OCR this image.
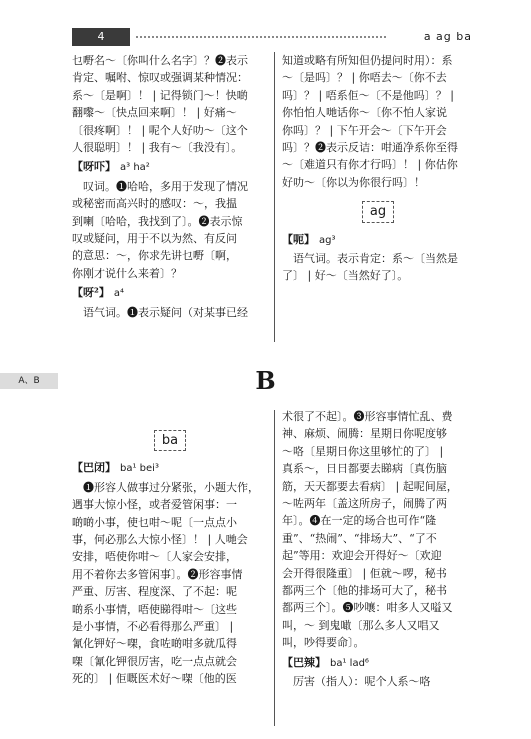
4	a ag ba

乜嘢名～〔你叫什么名字〕？❷表示

肯定、嘱咐、惊叹或强调某种情况：

系～〔是啊〕！ | 记得锁门～！快啲

翻嚟～〔快点回来啊〕！ | 好痛～

〔很疼啊〕！ | 呢个人好叻～〔这个

人很聪明〕！ | 我有～〔我没有〕。

【呀吓】 a³ ha²

叹词。❶哈哈，多用于发现了情况

或秘密而高兴时的感叹：～，我揾

到喇〔哈哈，我找到了〕。❷表示惊

叹或疑问，用于不以为然、有反问

的意思：～，你求先讲乜嘢〔啊，

你刚才说什么来着〕？

【呀²】 a⁴

语气词。❶表示疑问（对某事已经

知道或略有所知但仍提问时用）：系

～〔是吗〕？ | 你唔去～〔你不去

吗〕？ | 唔系佢～〔不是他吗〕？ |

你怕怕人哋话你～〔你不怕人家说

你吗〕？ | 下午开会～〔下午开会

吗〕？❷表示反诘：咁通净系你至得

～〔难道只有你才行吗〕！ | 你估你

好叻～〔你以为你很行吗〕！

ag
【呃】 ag³

语气词。表示肯定：系～〔当然是

了〕 | 好～〔当然好了〕。

A、B	B
ba
【巴闭】 ba¹ bei³

❶形容人做事过分紧张，小题大作，

遇事大惊小怪，或者爱管闲事：一

啲啲小事，使乜咁～呢〔一点点小

事，何必那么大惊小怪〕！ | 人哋会

安排，唔使你咁～〔人家会安排，

用不着你去多管闲事〕。❷形容事情

严重、厉害、程度深、了不起：呢

啲系小事情，唔使睇得咁～〔这些

是小事情，不必看得那么严重〕 |

氰化钾好～㗎，食咗啲咁多就瓜得

㗎〔氰化钾很厉害，吃一点点就会

死的〕 | 佢嘅医术好～㗎〔他的医

术很了不起〕。❸形容事情忙乱、费

神、麻烦、闹腾：星期日你呢度够

～咯〔星期日你这里够忙的了〕 |

真系～，日日都要去睇病〔真伤脑

筋，天天都要去看病〕 | 起呢间屋，

～咗两年〔盖这所房子，闹腾了两

年〕。❹在一定的场合也可作“隆

重”、“热闹”、“排场大”、“了不

起”等用：欢迎会开得好～〔欢迎

会开得很隆重〕 | 佢就～啰，秘书

都两三个〔他的排场可大了，秘书

都两三个〕。❺吵嚷：咁多人又嗌又

叫，～ 到鬼噉〔那么多人又唱又

叫，吵得要命〕。

【巴辣】 ba¹ lad⁶

厉害（指人）：呢个人系～咯
